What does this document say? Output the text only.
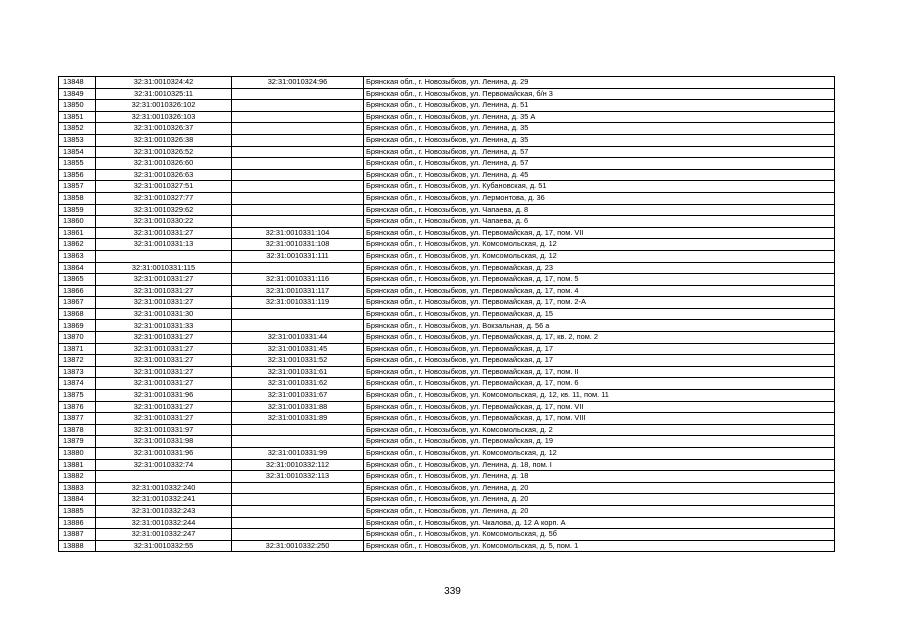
13848	32:31:0010324:42	32:31:0010324:96	Брянская обл., г. Новозыбков, ул. Ленина, д. 29
13849	32:31:0010325:11		Брянская обл., г. Новозыбков, ул. Первомайская, б/н 3
13850	32:31:0010326:102		Брянская обл., г. Новозыбков, ул. Ленина, д. 51
13851	32:31:0010326:103		Брянская обл., г. Новозыбков, ул. Ленина, д. 35 А
13852	32:31:0010326:37		Брянская обл., г. Новозыбков, ул. Ленина, д. 35
13853	32:31:0010326:38		Брянская обл., г. Новозыбков, ул. Ленина, д. 35
13854	32:31:0010326:52		Брянская обл., г. Новозыбков, ул. Ленина, д. 57
13855	32:31:0010326:60		Брянская обл., г. Новозыбков, ул. Ленина, д. 57
13856	32:31:0010326:63		Брянская обл., г. Новозыбков, ул. Ленина, д. 45
13857	32:31:0010327:51		Брянская обл., г. Новозыбков, ул. Кубановская, д. 51
13858	32:31:0010327:77		Брянская обл., г. Новозыбков, ул. Лермонтова, д. 36
13859	32:31:0010329:62		Брянская обл., г. Новозыбков, ул. Чапаева, д. 8
13860	32:31:0010330:22		Брянская обл., г. Новозыбков, ул. Чапаева, д. 6
13861	32:31:0010331:27	32:31:0010331:104	Брянская обл., г. Новозыбков, ул. Первомайская, д. 17, пом. VII
13862	32:31:0010331:13	32:31:0010331:108	Брянская обл., г. Новозыбков, ул. Комсомольская, д. 12
13863		32:31:0010331:111	Брянская обл., г. Новозыбков, ул. Комсомольская, д. 12
13864	32:31:0010331:115		Брянская обл., г. Новозыбков, ул. Первомайская, д. 23
13865	32:31:0010331:27	32:31:0010331:116	Брянская обл., г. Новозыбков, ул. Первомайская, д. 17, пом. 5
13866	32:31:0010331:27	32:31:0010331:117	Брянская обл., г. Новозыбков, ул. Первомайская, д. 17, пом. 4
13867	32:31:0010331:27	32:31:0010331:119	Брянская обл., г. Новозыбков, ул. Первомайская, д. 17, пом. 2-А
13868	32:31:0010331:30		Брянская обл., г. Новозыбков, ул. Первомайская, д. 15
13869	32:31:0010331:33		Брянская обл., г. Новозыбков, ул. Вокзальная, д. 56 а
13870	32:31:0010331:27	32:31:0010331:44	Брянская обл., г. Новозыбков, ул. Первомайская, д. 17, кв. 2, пом. 2
13871	32:31:0010331:27	32:31:0010331:45	Брянская обл., г. Новозыбков, ул. Первомайская, д. 17
13872	32:31:0010331:27	32:31:0010331:52	Брянская обл., г. Новозыбков, ул. Первомайская, д. 17
13873	32:31:0010331:27	32:31:0010331:61	Брянская обл., г. Новозыбков, ул. Первомайская, д. 17, пом. II
13874	32:31:0010331:27	32:31:0010331:62	Брянская обл., г. Новозыбков, ул. Первомайская, д. 17, пом. 6
13875	32:31:0010331:96	32:31:0010331:67	Брянская обл., г. Новозыбков, ул. Комсомольская, д. 12, кв. 11, пом. 11
13876	32:31:0010331:27	32:31:0010331:88	Брянская обл., г. Новозыбков, ул. Первомайская, д. 17, пом. VII
13877	32:31:0010331:27	32:31:0010331:89	Брянская обл., г. Новозыбков, ул. Первомайская, д. 17, пом. VIII
13878	32:31:0010331:97		Брянская обл., г. Новозыбков, ул. Комсомольская, д. 2
13879	32:31:0010331:98		Брянская обл., г. Новозыбков, ул. Первомайская, д. 19
13880	32:31:0010331:96	32:31:0010331:99	Брянская обл., г. Новозыбков, ул. Комсомольская, д. 12
13881	32:31:0010332:74	32:31:0010332:112	Брянская обл., г. Новозыбков, ул. Ленина, д. 18, пом. I
13882		32:31:0010332:113	Брянская обл., г. Новозыбков, ул. Ленина, д. 18
13883	32:31:0010332:240		Брянская обл., г. Новозыбков, ул. Ленина, д. 20
13884	32:31:0010332:241		Брянская обл., г. Новозыбков, ул. Ленина, д. 20
13885	32:31:0010332:243		Брянская обл., г. Новозыбков, ул. Ленина, д. 20
13886	32:31:0010332:244		Брянская обл., г. Новозыбков, ул. Чкалова, д. 12 А корп. А
13887	32:31:0010332:247		Брянская обл., г. Новозыбков, ул. Комсомольская, д. 5б
13888	32:31:0010332:55	32:31:0010332:250	Брянская обл., г. Новозыбков, ул. Комсомольская, д. 5, пом. 1
339
